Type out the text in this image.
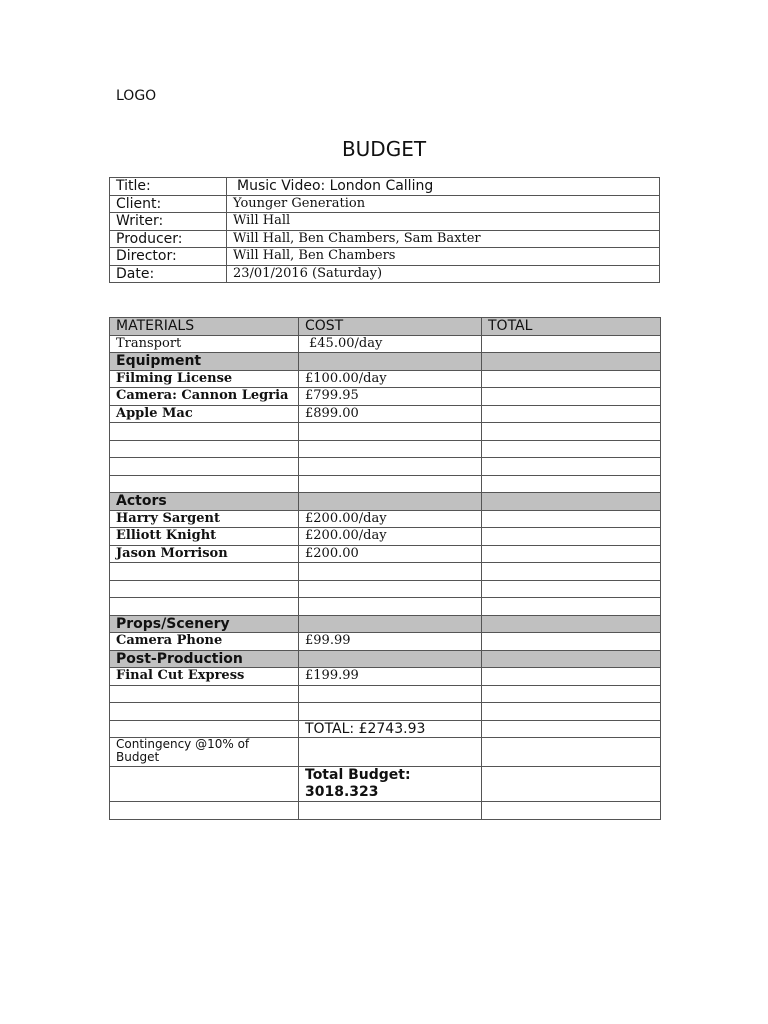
LOGO
BUDGET
Title:	Music Video: London Calling
Client:	Younger Generation
Writer:	Will Hall
Producer:	Will Hall, Ben Chambers, Sam Baxter
Director:	Will Hall, Ben Chambers
Date:	23/01/2016 (Saturday)
MATERIALS	COST	TOTAL
Transport	£45.00/day	
Equipment		
Filming License	£100.00/day	
Camera: Cannon Legria	£799.95	
Apple Mac	£899.00	

Actors		
Harry Sargent	£200.00/day	
Elliott Knight	£200.00/day	
Jason Morrison	£200.00	

Props/Scenery		
Camera Phone	£99.99	
Post-Production		
Final Cut Express	£199.99	

	TOTAL: £2743.93	
Contingency @10% of Budget		
	Total Budget: 3018.323	
